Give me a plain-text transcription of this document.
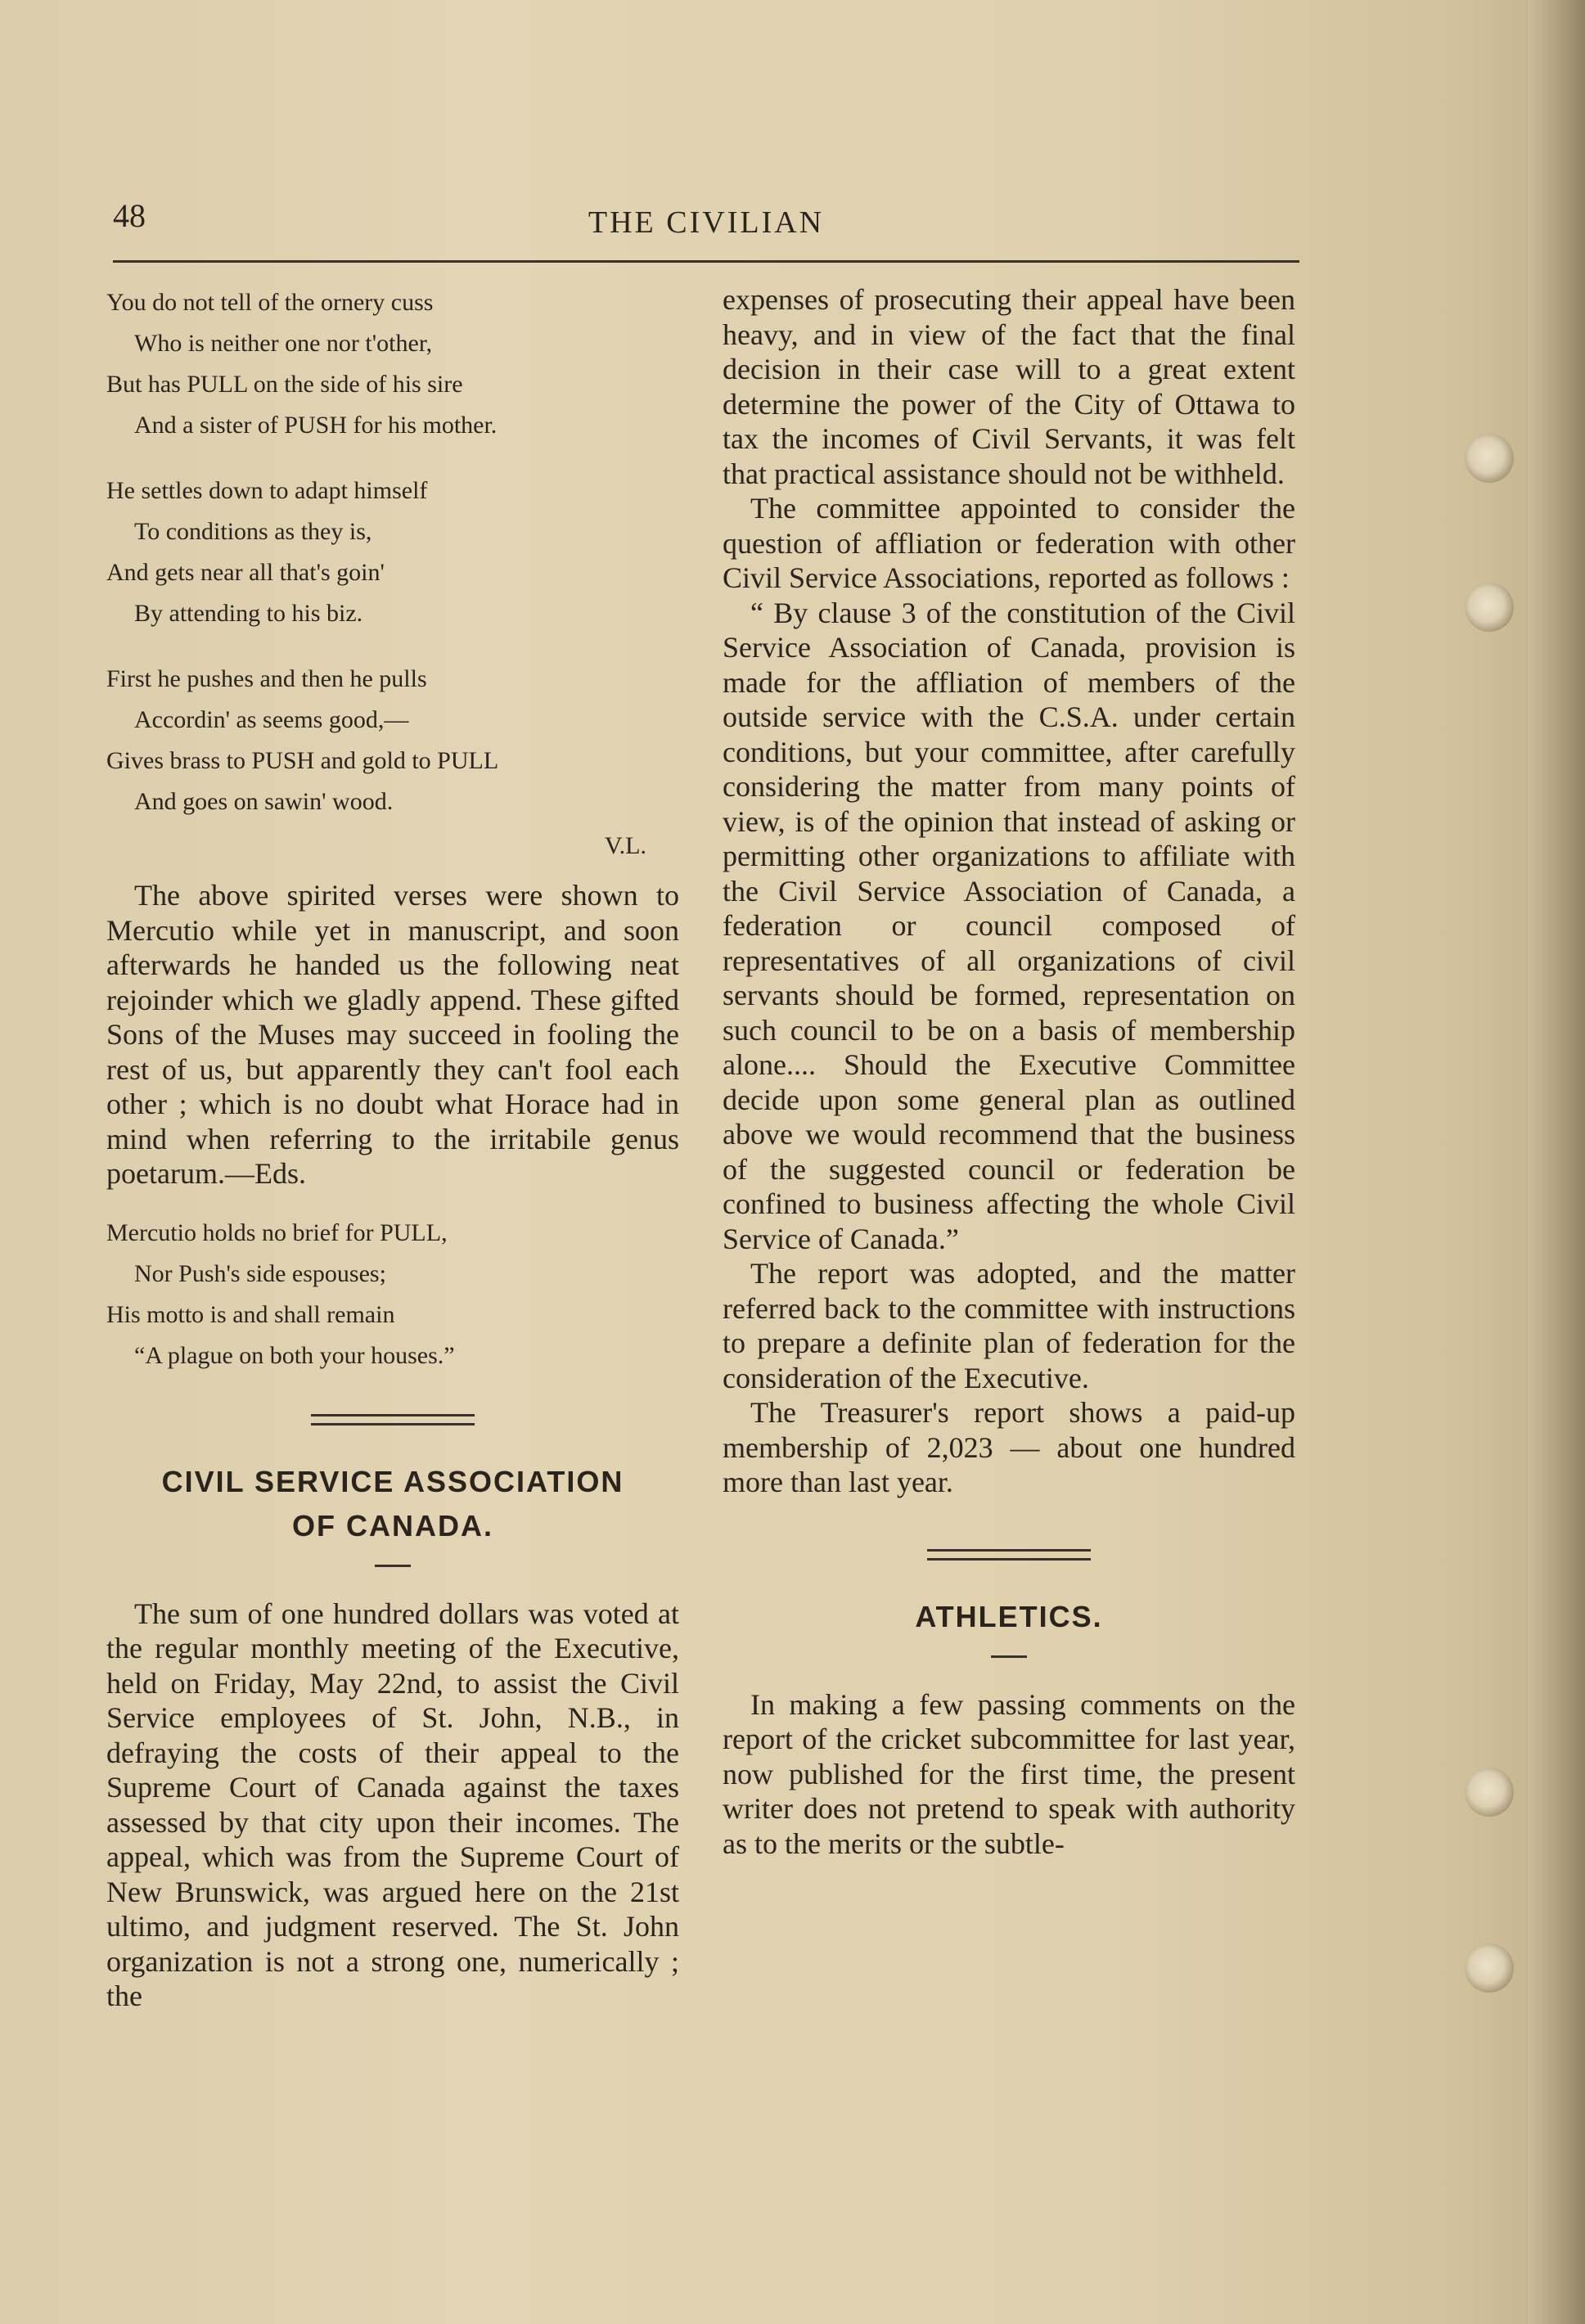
48	THE CIVILIAN
You do not tell of the ornery cuss
Who is neither one nor t'other,
But has PULL on the side of his sire
And a sister of PUSH for his mother.
He settles down to adapt himself
To conditions as they is,
And gets near all that's goin'
By attending to his biz.
First he pushes and then he pulls
Accordin' as seems good,—
Gives brass to PUSH and gold to PULL
And goes on sawin' wood.
V.L.

The above spirited verses were shown to Mercutio while yet in manuscript, and soon afterwards he handed us the following neat rejoinder which we gladly append. These gifted Sons of the Muses may succeed in fooling the rest of us, but apparently they can't fool each other ; which is no doubt what Horace had in mind when referring to the irritabile genus poetarum.—Eds.

Mercutio holds no brief for PULL,
Nor Push's side espouses;
His motto is and shall remain
“A plague on both your houses.”
CIVIL SERVICE ASSOCIATION
OF CANADA.

The sum of one hundred dollars was voted at the regular monthly meeting of the Executive, held on Friday, May 22nd, to assist the Civil Service employees of St. John, N.B., in defraying the costs of their appeal to the Supreme Court of Canada against the taxes assessed by that city upon their incomes. The appeal, which was from the Supreme Court of New Brunswick, was argued here on the 21st ultimo, and judgment reserved. The St. John organization is not a strong one, numerically ; the

expenses of prosecuting their appeal have been heavy, and in view of the fact that the final decision in their case will to a great extent determine the power of the City of Ottawa to tax the incomes of Civil Servants, it was felt that practical assistance should not be withheld.

The committee appointed to consider the question of affliation or federation with other Civil Service Associations, reported as follows :

“ By clause 3 of the constitution of the Civil Service Association of Canada, provision is made for the affliation of members of the outside service with the C.S.A. under certain conditions, but your committee, after carefully considering the matter from many points of view, is of the opinion that instead of asking or permitting other organizations to affiliate with the Civil Service Association of Canada, a federation or council composed of representatives of all organizations of civil servants should be formed, representation on such council to be on a basis of membership alone.... Should the Executive Committee decide upon some general plan as outlined above we would recommend that the business of the suggested council or federation be confined to business affecting the whole Civil Service of Canada.”

The report was adopted, and the matter referred back to the committee with instructions to prepare a definite plan of federation for the consideration of the Executive.

The Treasurer's report shows a paid-up membership of 2,023 — about one hundred more than last year.

ATHLETICS.

In making a few passing comments on the report of the cricket subcommittee for last year, now published for the first time, the present writer does not pretend to speak with authority as to the merits or the subtle-
